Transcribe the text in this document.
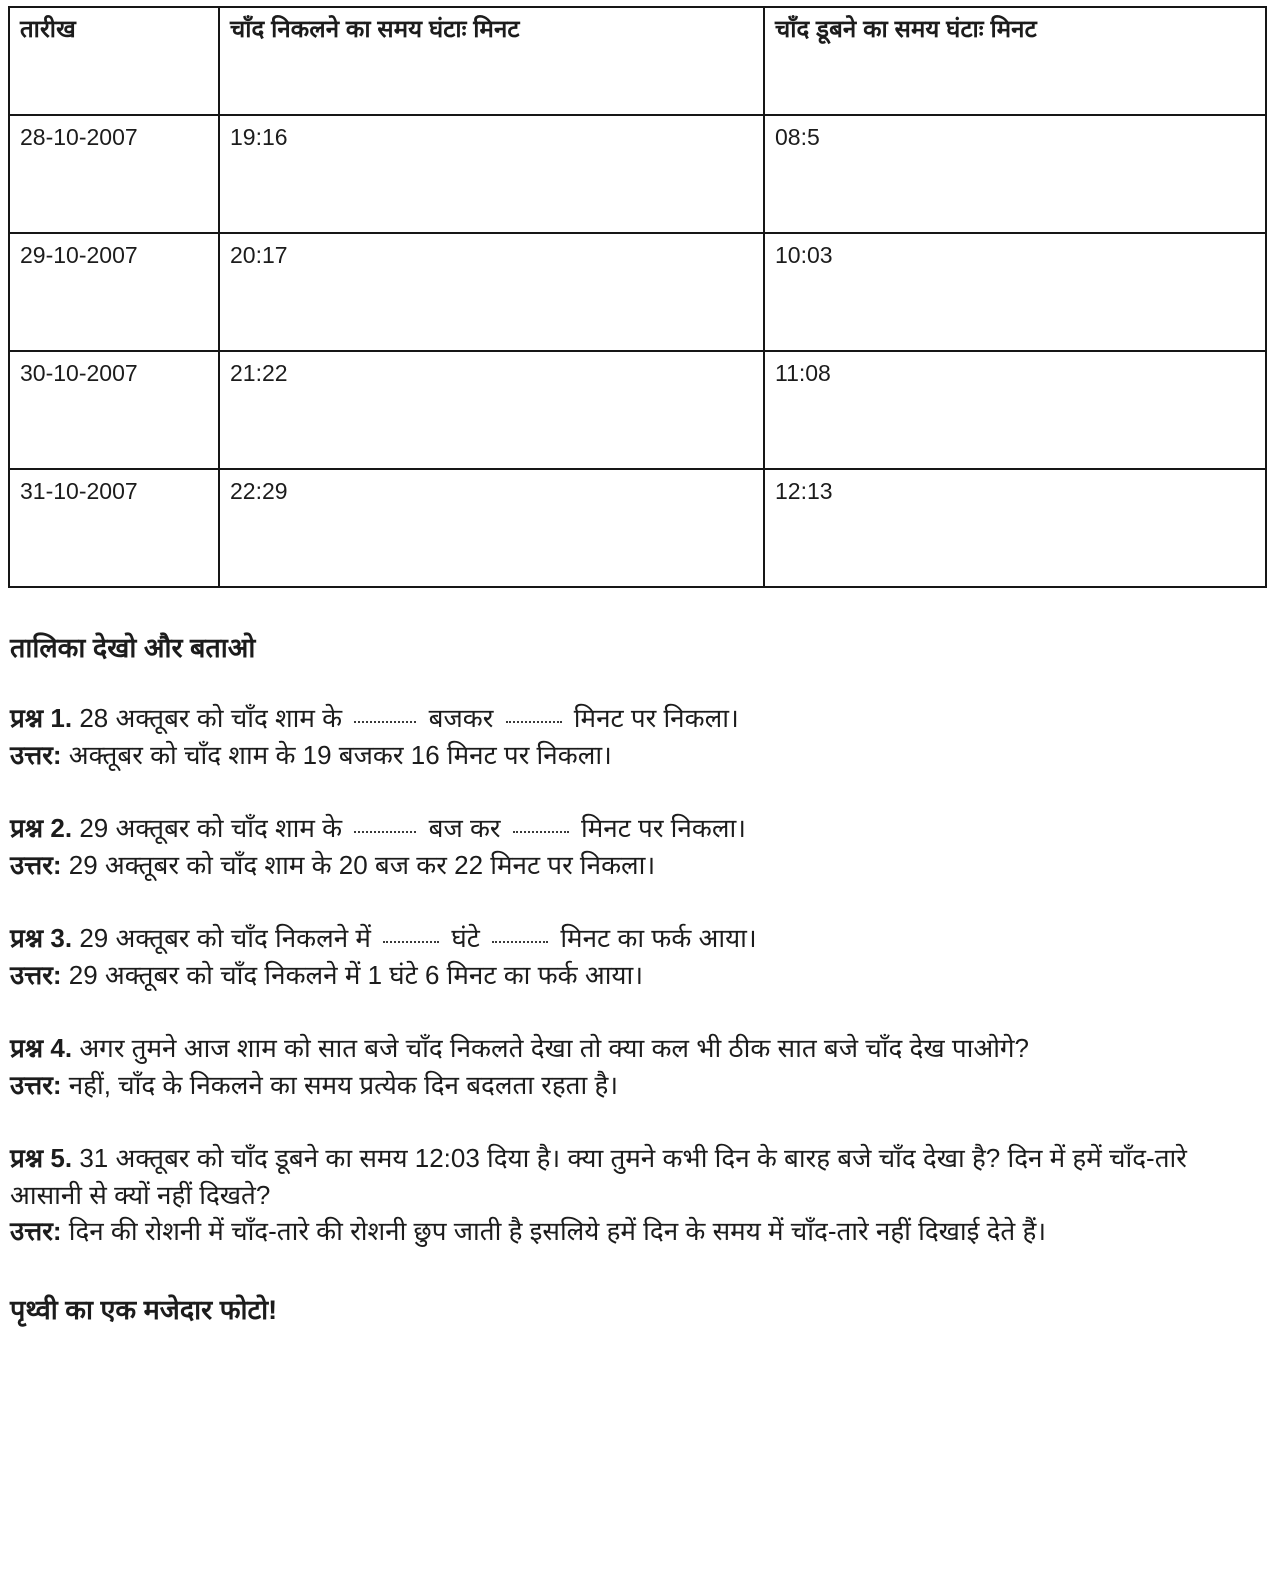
तारीख	चाँद निकलने का समय घंटाः मिनट	चाँद डूबने का समय घंटाः मिनट
28-10-2007	19:16	08:5
29-10-2007	20:17	10:03
30-10-2007	21:22	11:08
31-10-2007	22:29	12:13
तालिका देखो और बताओ

प्रश्न 1. 28 अक्तूबर को चाँद शाम के	बजकर	मिनट पर निकला।

उत्तर: अक्तूबर को चाँद शाम के 19 बजकर 16 मिनट पर निकला।

प्रश्न 2. 29 अक्तूबर को चाँद शाम के	बज कर	मिनट पर निकला।

उत्तर: 29 अक्तूबर को चाँद शाम के 20 बज कर 22 मिनट पर निकला।

प्रश्न 3. 29 अक्तूबर को चाँद निकलने में	घंटे	मिनट का फर्क आया।

उत्तर: 29 अक्तूबर को चाँद निकलने में 1 घंटे 6 मिनट का फर्क आया।

प्रश्न 4. अगर तुमने आज शाम को सात बजे चाँद निकलते देखा तो क्या कल भी ठीक सात बजे चाँद देख पाओगे?

उत्तर: नहीं, चाँद के निकलने का समय प्रत्येक दिन बदलता रहता है।

प्रश्न 5. 31 अक्तूबर को चाँद डूबने का समय 12:03 दिया है। क्या तुमने कभी दिन के बारह बजे चाँद देखा है? दिन में हमें चाँद-तारे आसानी से क्यों नहीं दिखते?

उत्तर: दिन की रोशनी में चाँद-तारे की रोशनी छुप जाती है इसलिये हमें दिन के समय में चाँद-तारे नहीं दिखाई देते हैं।

पृथ्वी का एक मजेदार फोटो!
